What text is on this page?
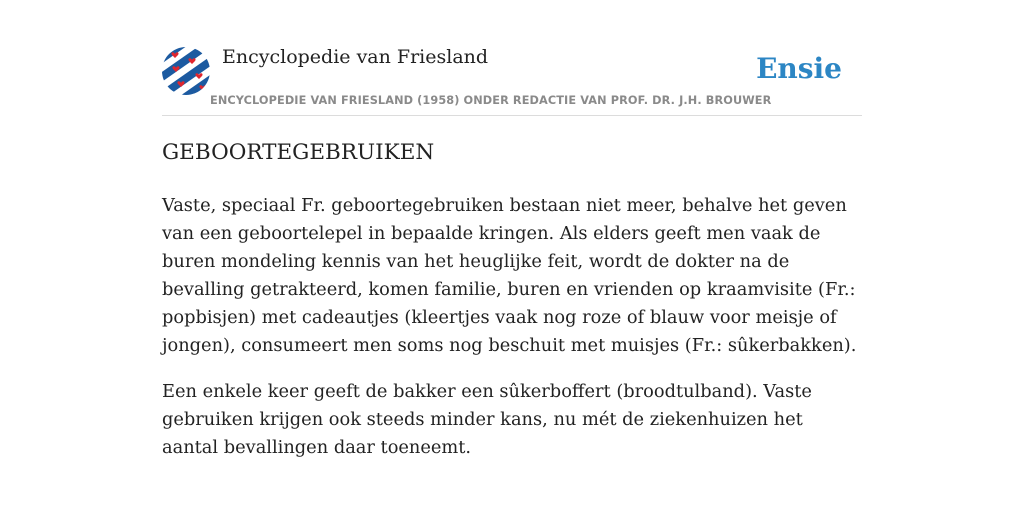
Encyclopedie van Friesland	Ensie
ENCYCLOPEDIE VAN FRIESLAND (1958) ONDER REDACTIE VAN PROF. DR. J.H. BROUWER
GEBOORTEGEBRUIKEN

Vaste, speciaal Fr. geboortegebruiken bestaan niet meer, behalve het geven van een geboortelepel in bepaalde kringen. Als elders geeft men vaak de buren mondeling kennis van het heuglijke feit, wordt de dokter na de bevalling getrakteerd, komen familie, buren en vrienden op kraamvisite (Fr.: popbisjen) met cadeautjes (kleertjes vaak nog roze of blauw voor meisje of jongen), consumeert men soms nog beschuit met muisjes (Fr.: sûkerbakken).

Een enkele keer geeft de bakker een sûkerboffert (broodtulband). Vaste gebruiken krijgen ook steeds minder kans, nu mét de ziekenhuizen het aantal bevallingen daar toeneemt.
